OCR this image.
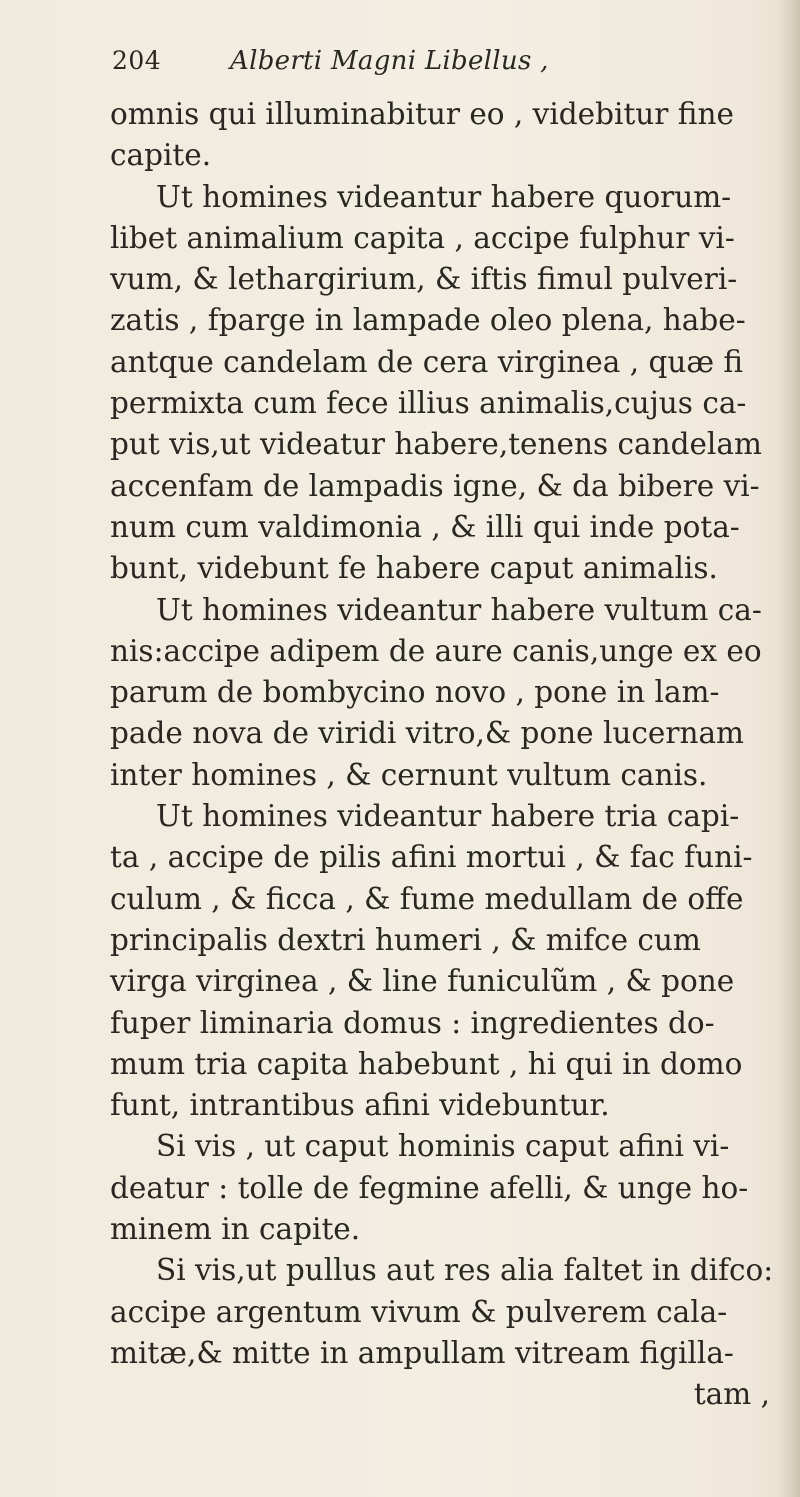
204	Alberti Magni Libellus ,
omnis qui illuminabitur eo , videbitur fine
capite.
Ut homines videantur habere quorum-
libet animalium capita , accipe fulphur vi-
vum, & lethargirium, & iftis fimul pulveri-
zatis , fparge in lampade oleo plena, habe-
antque candelam de cera virginea , quæ fi
permixta cum fece illius animalis,cujus ca-
put vis,ut videatur habere,tenens candelam
accenfam de lampadis igne, & da bibere vi-
num cum valdimonia , & illi qui inde pota-
bunt, videbunt fe habere caput animalis.
Ut homines videantur habere vultum ca-
nis:accipe adipem de aure canis,unge ex eo
parum de bombycino novo , pone in lam-
pade nova de viridi vitro,& pone lucernam
inter homines , & cernunt vultum canis.
Ut homines videantur habere tria capi-
ta , accipe de pilis afini mortui , & fac funi-
culum , & ficca , & fume medullam de offe
principalis dextri humeri , & mifce cum
virga virginea , & line funiculũm , & pone
fuper liminaria domus : ingredientes do-
mum tria capita habebunt , hi qui in domo
funt, intrantibus afini videbuntur.
Si vis , ut caput hominis caput afini vi-
deatur : tolle de fegmine afelli, & unge ho-
minem in capite.
Si vis,ut pullus aut res alia faltet in difco:
accipe argentum vivum & pulverem cala-
mitæ,& mitte in ampullam vitream figilla-
tam ,
